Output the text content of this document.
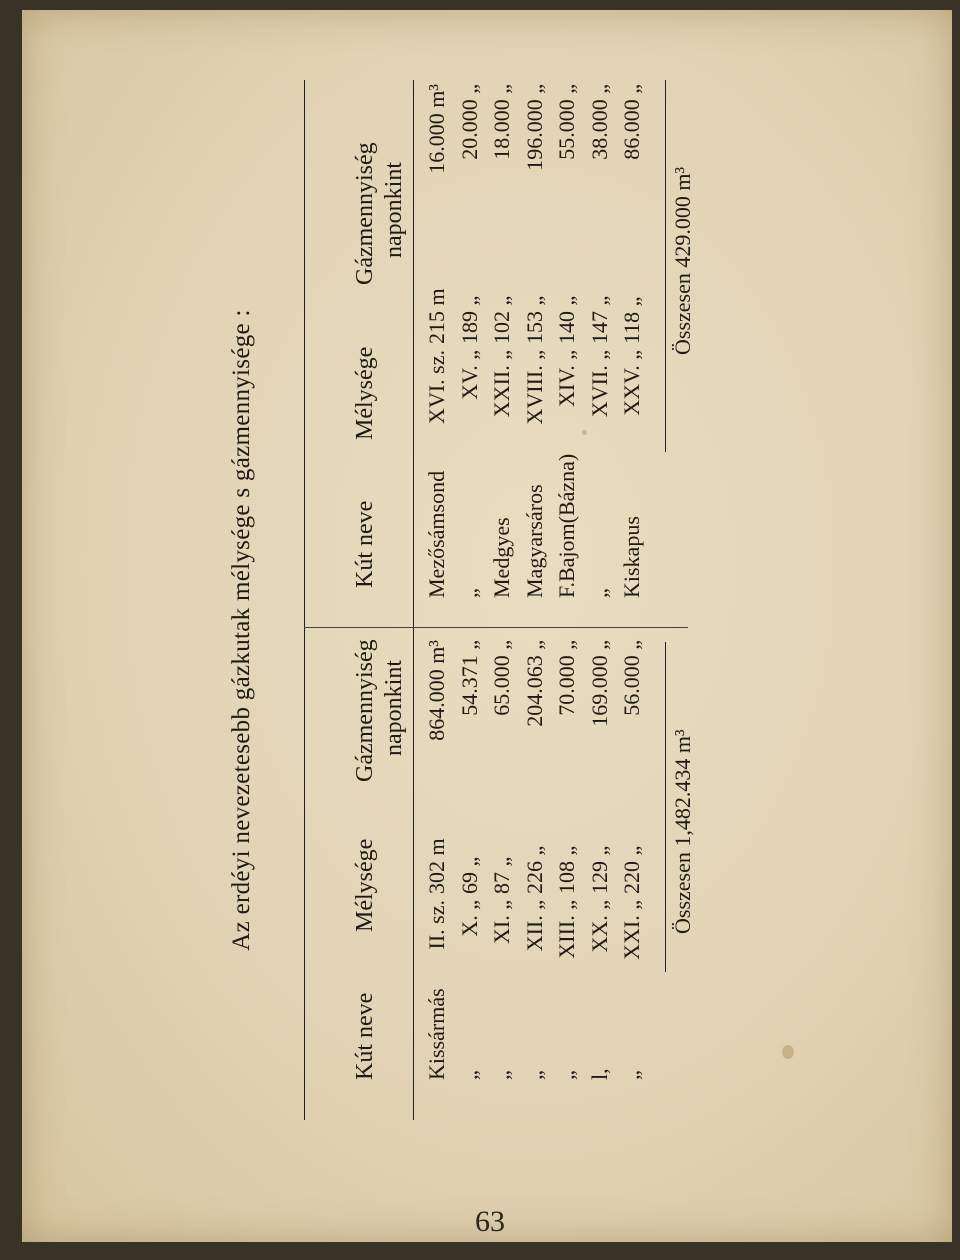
Az erdéyi nevezetesebb gázkutak mélysége s gázmennyisége :
Kút neve
Mélysége
Gázmennyiség naponkint
Kissármás
II. sz.
302 m
864.000 m³
„
X. „
69 „
54.371 „
„
XI. „
87 „
65.000 „
„
XII. „
226 „
204.063 „
„
XIII. „
108 „
70.000 „
l,
XX. „
129 „
169.000 „
„
XXI. „
220 „
56.000 „
Összesen 1,482.434 m³
Kút neve
Mélysége
Gázmennyiség naponkint
Mezősámsond
XVI. sz.
215 m
16.000 m³
„
XV. „
189 „
20.000 „
Medgyes
XXII. „
102 „
18.000 „
Magyarsáros
XVIII. „
153 „
196.000 „
F.Bajom(Bázna)
XIV. „
140 „
55.000 „
„
XVII. „
147 „
38.000 „
Kiskapus
XXV. „
118 „
86.000 „
Összesen 429.000 m³
63
